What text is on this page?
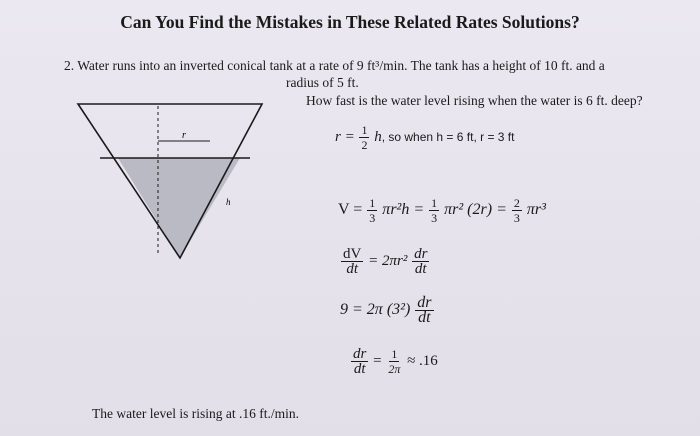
Can You Find the Mistakes in These Related Rates Solutions?
2. Water runs into an inverted conical tank at a rate of 9 ft³/min. The tank has a height of 10 ft. and a
radius of 5 ft.
How fast is the water level rising when the water is 6 ft. deep?
r
h
$r = \frac{1}{2} h$, so when h = 6 ft, r = 3 ft
$V = \frac{1}{3} \pi r^2h = \frac{1}{3} \pi r^2$ $(2r) = \frac{2}{3} \pi r^3$
$\frac{dV}{dt} = 2\pi r^2 \frac{dr}{dt}$
9 = 2π $(3^2) \frac{dr}{dt}$
$\frac{dr}{dt} = \frac{1}{2\pi} \approx .16$
The water level is rising at .16 ft./min.
